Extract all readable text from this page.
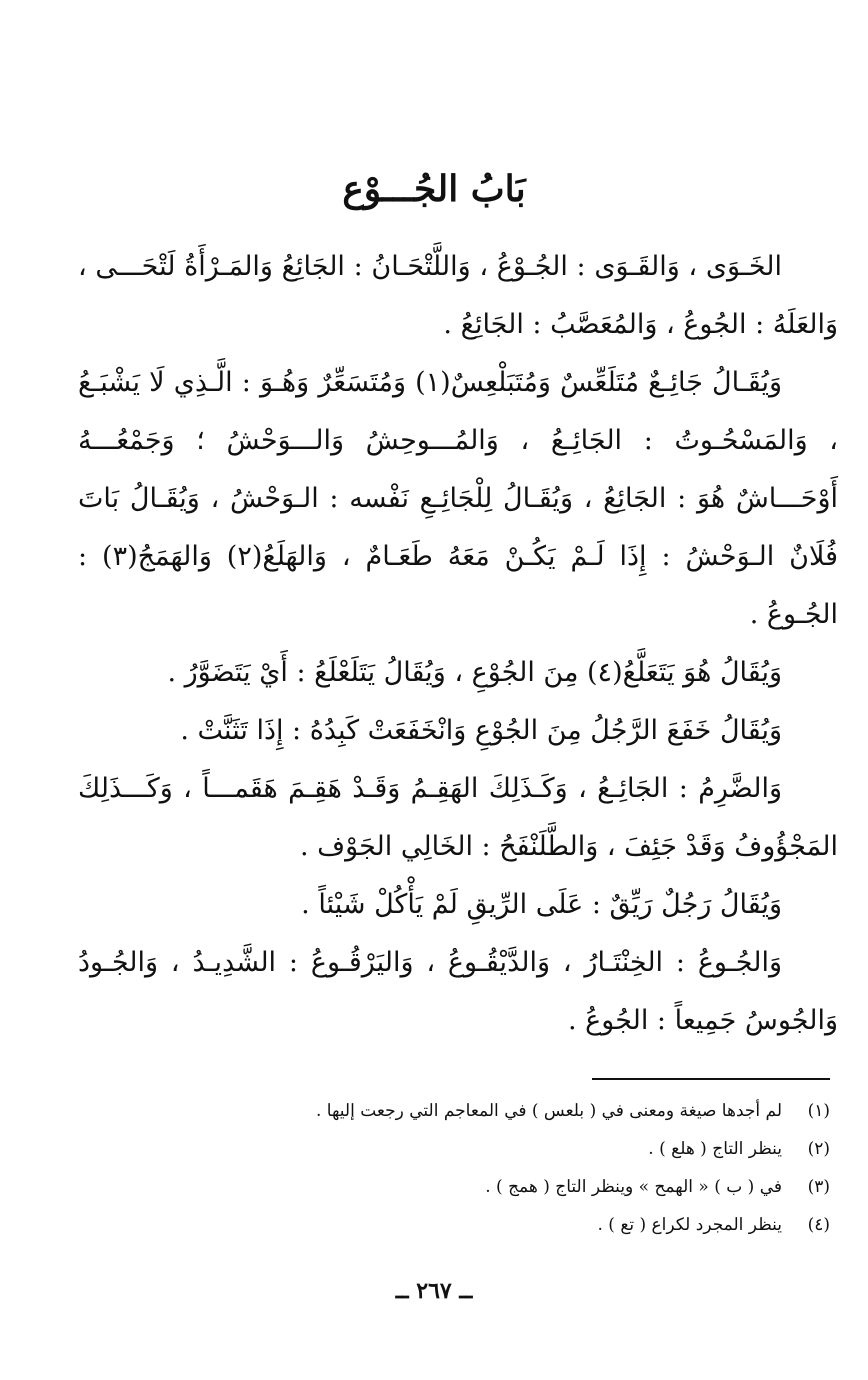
بَابُ الجُـــوْع

الخَـوَى ، وَالقَـوَى : الجُـوْعُ ، وَاللَّتْحَـانُ : الجَائِعُ وَالمَـرْأَةُ لَتْحَـــى ، وَالعَلَهُ : الجُوعُ ، وَالمُعَصَّبُ : الجَائِعُ .

وَيُقَـالُ جَائِـعٌ مُتَلَعِّسٌ وَمُتَبَلْعِسٌ(١) وَمُتَسَعِّرٌ وَهُـوَ : الَّـذِي لَا يَشْبَـعُ ، وَالمَسْحُـوتُ : الجَائِـعُ ، وَالمُـــوحِشُ وَالـــوَحْشُ ؛ وَجَمْعُـــهُ أَوْحَـــاشٌ هُوَ : الجَائِعُ ، وَيُقَـالُ لِلْجَائِـعِ نَفْسه : الـوَحْشُ ، وَيُقَـالُ بَاتَ فُلَانٌ الـوَحْشُ : إِذَا لَـمْ يَكُـنْ مَعَهُ طَعَـامٌ ، وَالهَلَعُ(٢) وَالهَمَجُ(٣) : الجُـوعُ .

وَيُقَالُ هُوَ يَتَعَلَّعُ(٤) مِنَ الجُوْعِ ، وَيُقَالُ يَتَلَعْلَعُ : أَيْ يَتَضَوَّرُ .

وَيُقَالُ خَفَعَ الرَّجُلُ مِنَ الجُوْعِ وَانْخَفَعَتْ كَبِدُهُ : إِذَا تَثَنَّتْ .

وَالضَّرِمُ : الجَائِـعُ ، وَكَـذَلِكَ الهَقِـمُ وَقَـدْ هَقِـمَ هَقَمـــاً ، وَكَـــذَلِكَ المَجْؤُوفُ وَقَدْ جَئِفَ ، وَالطَّلَنْفَحُ : الخَالِي الجَوْف .

وَيُقَالُ رَجُلٌ رَيِّقٌ : عَلَى الرِّيقِ لَمْ يَأْكُلْ شَيْئاً .

وَالجُـوعُ : الخِنْتَـارُ ، وَالدَّيْقُـوعُ ، وَاليَرْقُـوعُ : الشَّدِيـدُ ، وَالجُـودُ وَالجُوسُ جَمِيعاً : الجُوعُ .

(١)
لم أجدها صيغة ومعنى في ( بلعس ) في المعاجم التي رجعت إليها .
(٢)
ينظر التاج ( هلع ) .
(٣)
في ( ب ) « الهمح » وينظر التاج ( همج ) .
(٤)
ينظر المجرد لكراع ( تع ) .
ــ ٢٦٧ ــ
